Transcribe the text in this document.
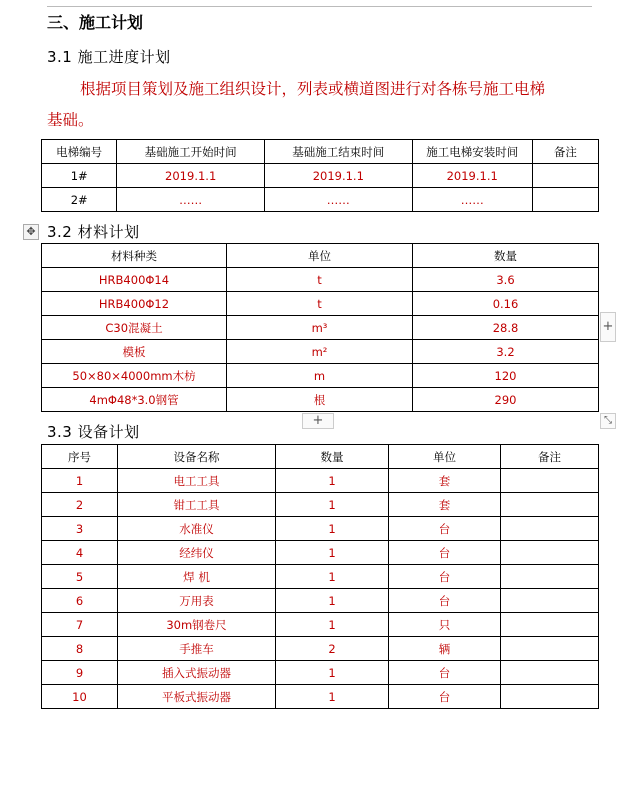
三、施工计划
3.1 施工进度计划
根据项目策划及施工组织设计，列表或横道图进行对各栋号施工电梯
基础。
电梯编号	基础施工开始时间	基础施工结束时间	施工电梯安装时间	备注
1#	2019.1.1	2019.1.1	2019.1.1	
2#	……	……	……	
✥ 3.2 材料计划
材料种类	单位	数量
HRB400Φ14	t	3.6
HRB400Φ12	t	0.16
C30混凝土	m³	28.8
模板	m²	3.2
50×80×4000mm木枋	m	120
4mΦ48*3.0钢管	根	290
+
+	⤡
3.3 设备计划
序号	设备名称	数量	单位	备注
1	电工工具	1	套	
2	钳工工具	1	套	
3	水准仪	1	台	
4	经纬仪	1	台	
5	焊 机	1	台	
6	万用表	1	台	
7	30m钢卷尺	1	只	
8	手推车	2	辆	
9	插入式振动器	1	台	
10	平板式振动器	1	台	
